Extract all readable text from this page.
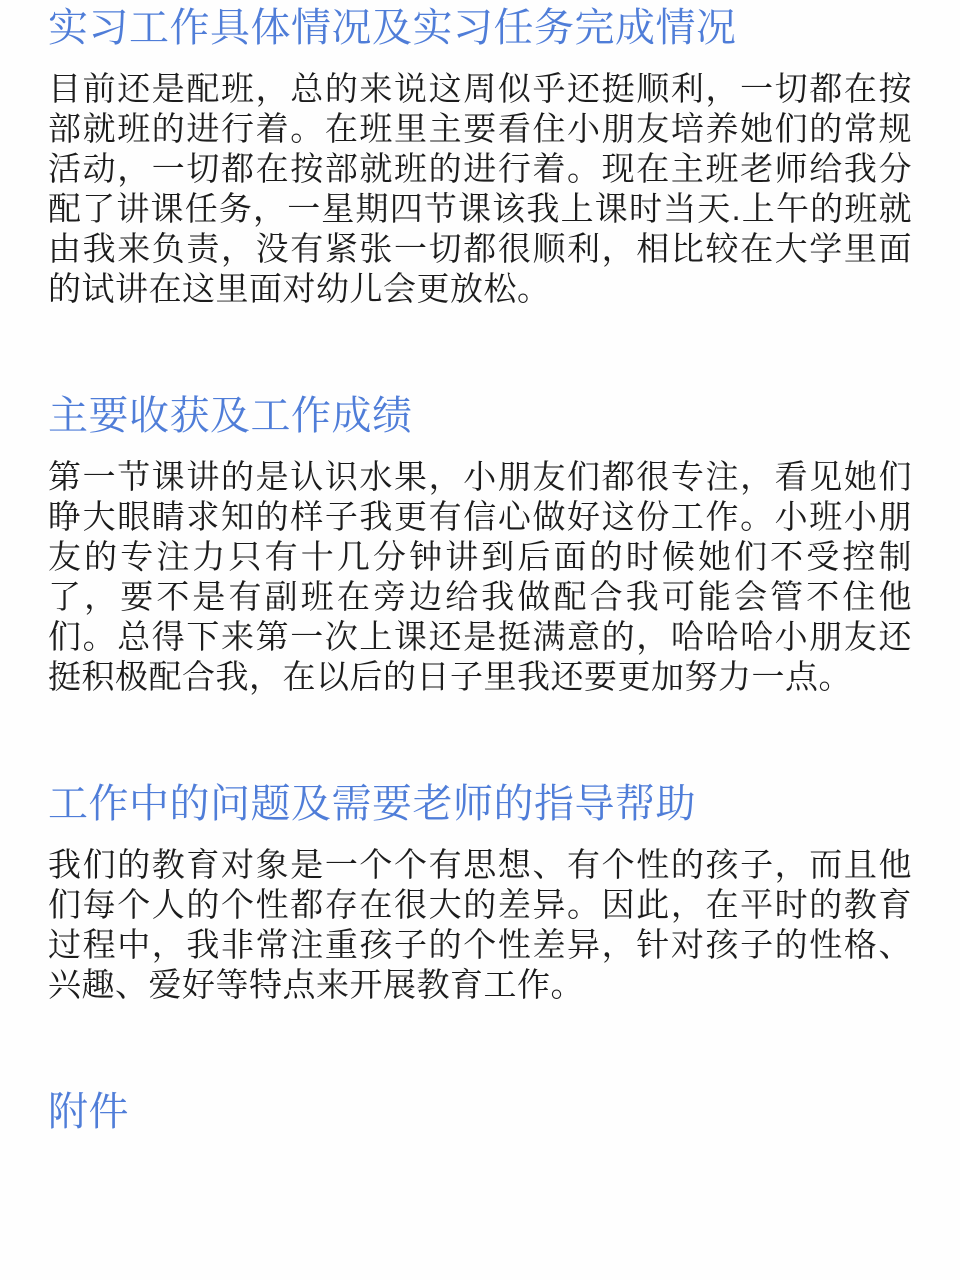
实习工作具体情况及实习任务完成情况

目前还是配班，总的来说这周似乎还挺顺利，一切都在按部就班的进行着。在班里主要看住小朋友培养她们的常规活动，一切都在按部就班的进行着。现在主班老师给我分配了讲课任务，一星期四节课该我上课时当天.上午的班就由我来负责，没有紧张一切都很顺利，相比较在大学里面的试讲在这里面对幼儿会更放松。

主要收获及工作成绩

第一节课讲的是认识水果，小朋友们都很专注，看见她们睁大眼睛求知的样子我更有信心做好这份工作。小班小朋友的专注力只有十几分钟讲到后面的时候她们不受控制了，要不是有副班在旁边给我做配合我可能会管不住他们。总得下来第一次上课还是挺满意的，哈哈哈小朋友还挺积极配合我，在以后的日子里我还要更加努力一点。

工作中的问题及需要老师的指导帮助

我们的教育对象是一个个有思想、有个性的孩子，而且他们每个人的个性都存在很大的差异。因此，在平时的教育过程中，我非常注重孩子的个性差异，针对孩子的性格、兴趣、爱好等特点来开展教育工作。

附件
